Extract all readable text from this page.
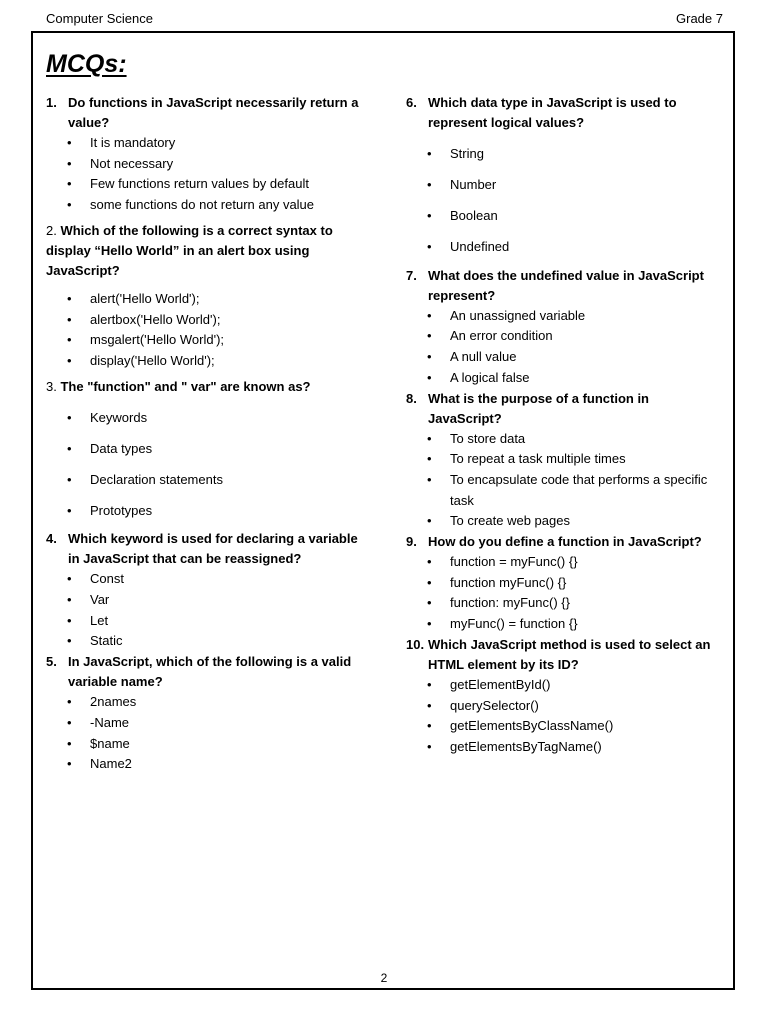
Computer Science	Grade 7
MCQs:
1. Do functions in JavaScript necessarily return a value?
• It is mandatory
• Not necessary
• Few functions return values by default
• some functions do not return any value
2. Which of the following is a correct syntax to display “Hello World” in an alert box using JavaScript?
• alert('Hello World');
• alertbox('Hello World');
• msgalert('Hello World');
• display('Hello World');
3. The "function" and " var" are known as?
• Keywords
• Data types
• Declaration statements
• Prototypes
4. Which keyword is used for declaring a variable in JavaScript that can be reassigned?
• Const
• Var
• Let
• Static
5. In JavaScript, which of the following is a valid variable name?
• 2names
• -Name
• $name
• Name2
6. Which data type in JavaScript is used to represent logical values?
• String
• Number
• Boolean
• Undefined
7. What does the undefined value in JavaScript represent?
• An unassigned variable
• An error condition
• A null value
• A logical false
8. What is the purpose of a function in JavaScript?
• To store data
• To repeat a task multiple times
• To encapsulate code that performs a specific task
• To create web pages
9. How do you define a function in JavaScript?
• function = myFunc() {}
• function myFunc() {}
• function: myFunc() {}
• myFunc() = function {}
10. Which JavaScript method is used to select an HTML element by its ID?
• getElementById()
• querySelector()
• getElementsByClassName()
• getElementsByTagName()
2
